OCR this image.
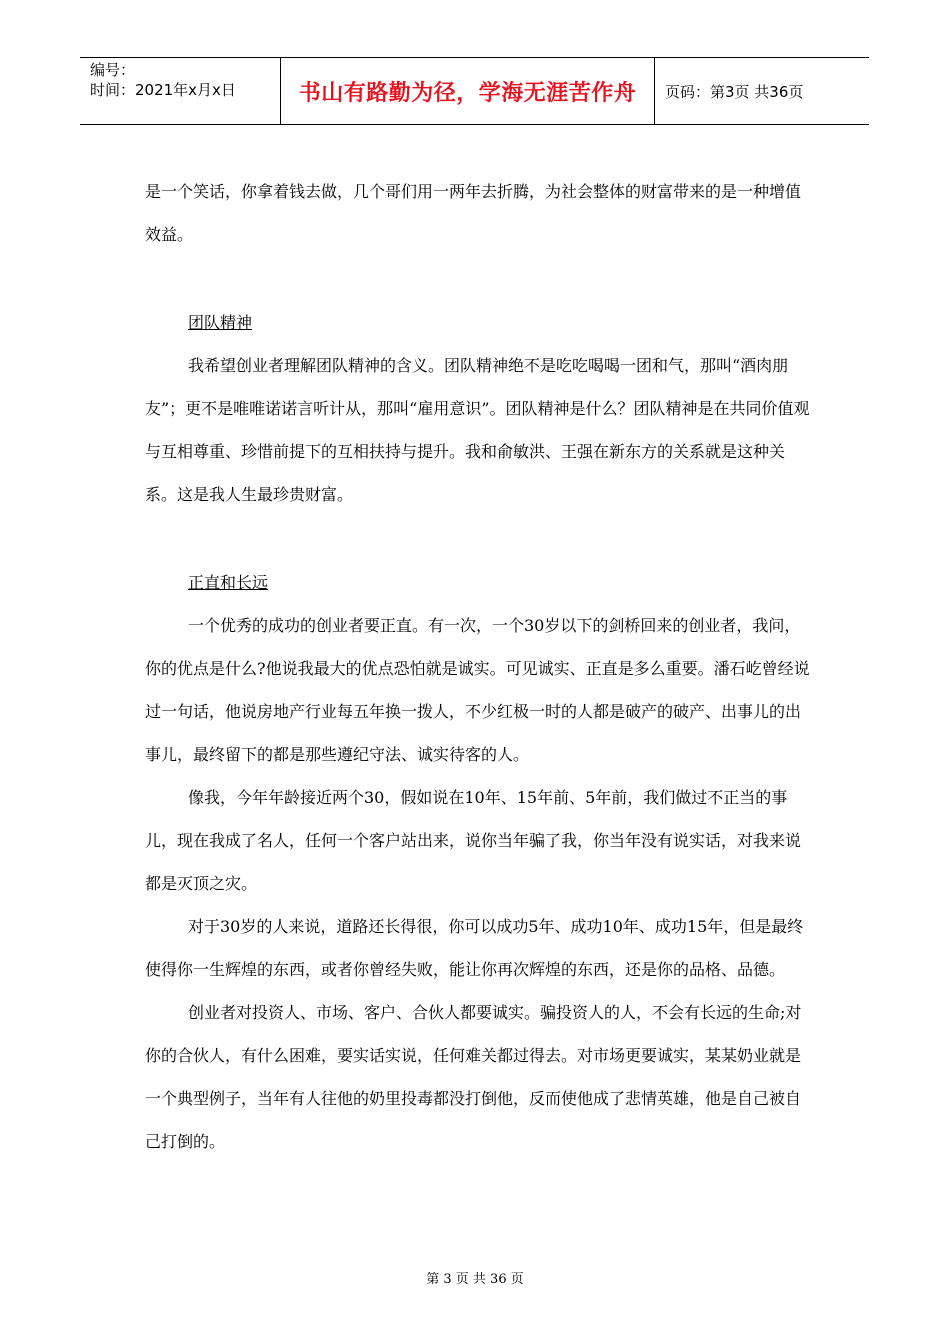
编号：
时间：2021年x月x日	书山有路勤为径，学海无涯苦作舟 页码：第3页 共36页

是一个笑话，你拿着钱去做，几个哥们用一两年去折腾，为社会整体的财富带来的是一种增值效益。

团队精神

我希望创业者理解团队精神的含义。团队精神绝不是吃吃喝喝一团和气，那叫“酒肉朋友”；更不是唯唯诺诺言听计从，那叫“雇用意识”。团队精神是什么？团队精神是在共同价值观与互相尊重、珍惜前提下的互相扶持与提升。我和俞敏洪、王强在新东方的关系就是这种关系。这是我人生最珍贵财富。

正直和长远

一个优秀的成功的创业者要正直。有一次，一个30岁以下的剑桥回来的创业者，我问，你的优点是什么?他说我最大的优点恐怕就是诚实。可见诚实、正直是多么重要。潘石屹曾经说过一句话，他说房地产行业每五年换一拨人，不少红极一时的人都是破产的破产、出事儿的出事儿，最终留下的都是那些遵纪守法、诚实待客的人。

像我，今年年龄接近两个30，假如说在10年、15年前、5年前，我们做过不正当的事儿，现在我成了名人，任何一个客户站出来，说你当年骗了我，你当年没有说实话，对我来说都是灭顶之灾。

对于30岁的人来说，道路还长得很，你可以成功5年、成功10年、成功15年，但是最终使得你一生辉煌的东西，或者你曾经失败，能让你再次辉煌的东西，还是你的品格、品德。

创业者对投资人、市场、客户、合伙人都要诚实。骗投资人的人，不会有长远的生命;对你的合伙人，有什么困难，要实话实说，任何难关都过得去。对市场更要诚实，某某奶业就是一个典型例子，当年有人往他的奶里投毒都没打倒他，反而使他成了悲情英雄，他是自己被自己打倒的。

第 3 页 共 36 页
